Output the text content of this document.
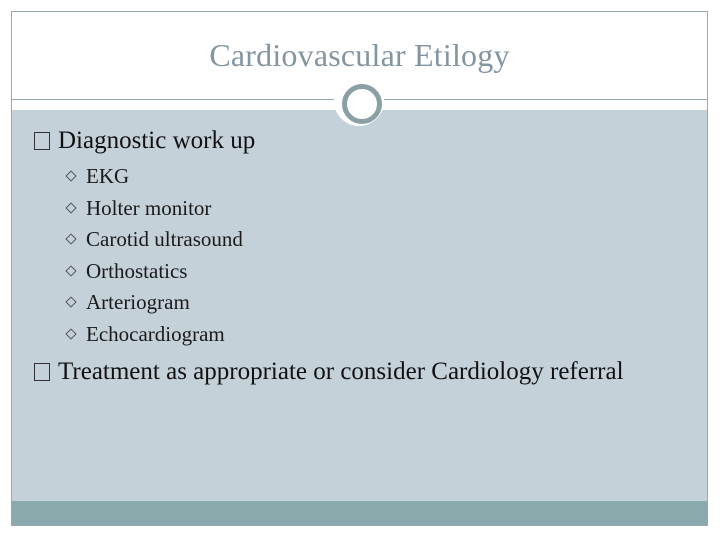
Cardiovascular Etilogy
Diagnostic work up
EKG
Holter monitor
Carotid ultrasound
Orthostatics
Arteriogram
Echocardiogram
Treatment as appropriate or consider Cardiology referral
